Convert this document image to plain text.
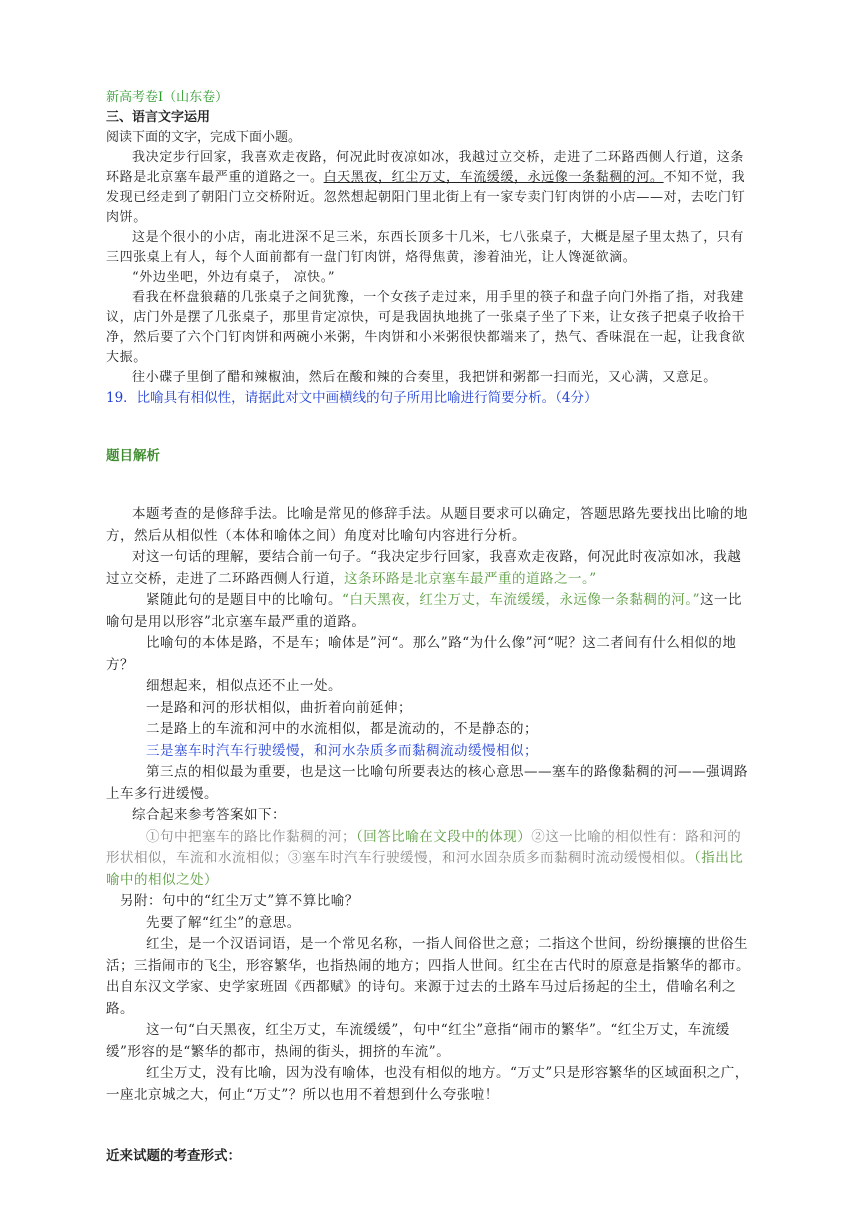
新高考卷Ⅰ（山东卷）

三、语言文字运用

阅读下面的文字，完成下面小题。

我决定步行回家，我喜欢走夜路，何况此时夜凉如冰，我越过立交桥，走进了二环路西侧人行道，这条环路是北京塞车最严重的道路之一。白天黑夜，红尘万丈，车流缓缓，永远像一条黏稠的河。不知不觉，我发现已经走到了朝阳门立交桥附近。忽然想起朝阳门里北街上有一家专卖门钉肉饼的小店——对，去吃门钉肉饼。

这是个很小的小店，南北进深不足三米，东西长顶多十几米，七八张桌子，大概是屋子里太热了，只有三四张桌上有人，每个人面前都有一盘门钉肉饼，烙得焦黄，渗着油光，让人馋涎欲滴。

“外边坐吧，外边有桌子， 凉快。”

看我在杯盘狼藉的几张桌子之间犹豫，一个女孩子走过来，用手里的筷子和盘子向门外指了指，对我建议，店门外是摆了几张桌子，那里肯定凉快，可是我固执地挑了一张桌子坐了下来，让女孩子把桌子收拾干净，然后要了六个门钉肉饼和两碗小米粥，牛肉饼和小米粥很快都端来了，热气、香味混在一起，让我食欲大振。

往小碟子里倒了醋和辣椒油，然后在酸和辣的合奏里，我把饼和粥都一扫而光，又心满，又意足。

19．比喻具有相似性，请据此对文中画横线的句子所用比喻进行简要分析。（4分）

题目解析

本题考查的是修辞手法。比喻是常见的修辞手法。从题目要求可以确定，答题思路先要找出比喻的地方，然后从相似性（本体和喻体之间）角度对比喻句内容进行分析。

对这一句话的理解，要结合前一句子。“我决定步行回家，我喜欢走夜路，何况此时夜凉如冰，我越过立交桥，走进了二环路西侧人行道，这条环路是北京塞车最严重的道路之一。”

紧随此句的是题目中的比喻句。“白天黑夜，红尘万丈，车流缓缓，永远像一条黏稠的河。”这一比喻句是用以形容”北京塞车最严重的道路。

比喻句的本体是路，不是车；喻体是”河“。那么”路“为什么像”河“呢？这二者间有什么相似的地方？

细想起来，相似点还不止一处。

一是路和河的形状相似，曲折着向前延伸；

二是路上的车流和河中的水流相似，都是流动的，不是静态的；

三是塞车时汽车行驶缓慢，和河水杂质多而黏稠流动缓慢相似；

第三点的相似最为重要，也是这一比喻句所要表达的核心意思——塞车的路像黏稠的河——强调路上车多行进缓慢。

综合起来参考答案如下：

①句中把塞车的路比作黏稠的河；（回答比喻在文段中的体现）②这一比喻的相似性有：路和河的形状相似，车流和水流相似；③塞车时汽车行驶缓慢，和河水固杂质多而黏稠时流动缓慢相似。（指出比喻中的相似之处）

另附：句中的“红尘万丈”算不算比喻？

先要了解“红尘”的意思。

红尘，是一个汉语词语，是一个常见名称，一指人间俗世之意；二指这个世间，纷纷攘攘的世俗生活；三指闹市的飞尘，形容繁华，也指热闹的地方；四指人世间。红尘在古代时的原意是指繁华的都市。出自东汉文学家、史学家班固《西都赋》的诗句。来源于过去的土路车马过后扬起的尘土，借喻名利之路。

这一句“白天黑夜，红尘万丈，车流缓缓”，句中“红尘”意指“闹市的繁华”。“红尘万丈，车流缓缓”形容的是“繁华的都市，热闹的街头，拥挤的车流”。

红尘万丈，没有比喻，因为没有喻体，也没有相似的地方。“万丈”只是形容繁华的区域面积之广，一座北京城之大，何止“万丈”？所以也用不着想到什么夸张啦！

近来试题的考查形式：
